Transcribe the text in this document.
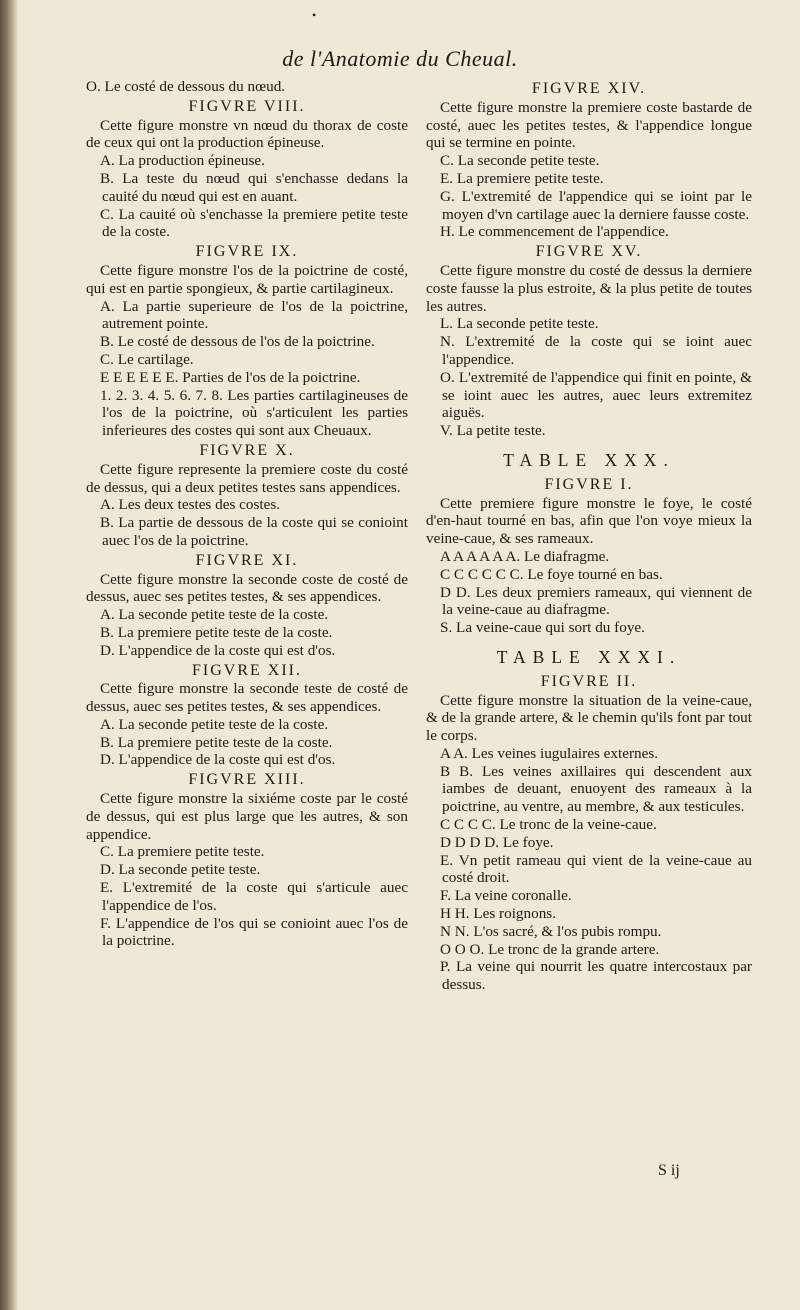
•
de l'Anatomie du Cheual.

O. Le costé de dessous du nœud.

FIGVRE VIII.

Cette figure monstre vn nœud du thorax de coste de ceux qui ont la production épineuse.

A. La production épineuse.

B. La teste du nœud qui s'enchasse dedans la cauité du nœud qui est en auant.

C. La cauité où s'enchasse la premiere petite teste de la coste.

FIGVRE IX.

Cette figure monstre l'os de la poictrine de costé, qui est en partie spongieux, & partie cartilagineux.

A. La partie superieure de l'os de la poictrine, autrement pointe.

B. Le costé de dessous de l'os de la poictrine.

C. Le cartilage.

E E E E E E. Parties de l'os de la poictrine.

1. 2. 3. 4. 5. 6. 7. 8. Les parties cartilagineuses de l'os de la poictrine, où s'articulent les parties inferieures des costes qui sont aux Cheuaux.

FIGVRE X.

Cette figure represente la premiere coste du costé de dessus, qui a deux petites testes sans appendices.

A. Les deux testes des costes.

B. La partie de dessous de la coste qui se conioint auec l'os de la poictrine.

FIGVRE XI.

Cette figure monstre la seconde coste de costé de dessus, auec ses petites testes, & ses appendices.

A. La seconde petite teste de la coste.

B. La premiere petite teste de la coste.

D. L'appendice de la coste qui est d'os.

FIGVRE XII.

Cette figure monstre la seconde teste de costé de dessus, auec ses petites testes, & ses appendices.

A. La seconde petite teste de la coste.

B. La premiere petite teste de la coste.

D. L'appendice de la coste qui est d'os.

FIGVRE XIII.

Cette figure monstre la sixiéme coste par le costé de dessus, qui est plus large que les autres, & son appendice.

C. La premiere petite teste.

D. La seconde petite teste.

E. L'extremité de la coste qui s'articule auec l'appendice de l'os.

F. L'appendice de l'os qui se conioint auec l'os de la poictrine.

FIGVRE XIV.

Cette figure monstre la premiere coste bastarde de costé, auec les petites testes, & l'appendice longue qui se termine en pointe.

C. La seconde petite teste.

E. La premiere petite teste.

G. L'extremité de l'appendice qui se ioint par le moyen d'vn cartilage auec la derniere fausse coste.

H. Le commencement de l'appendice.

FIGVRE XV.

Cette figure monstre du costé de dessus la derniere coste fausse la plus estroite, & la plus petite de toutes les autres.

L. La seconde petite teste.

N. L'extremité de la coste qui se ioint auec l'appendice.

O. L'extremité de l'appendice qui finit en pointe, & se ioint auec les autres, auec leurs extremitez aiguës.

V. La petite teste.

TABLE XXX.
FIGVRE I.

Cette premiere figure monstre le foye, le costé d'en-haut tourné en bas, afin que l'on voye mieux la veine-caue, & ses rameaux.

A A A A A A. Le diafragme.

C C C C C C. Le foye tourné en bas.

D D. Les deux premiers rameaux, qui viennent de la veine-caue au diafragme.

S. La veine-caue qui sort du foye.

TABLE XXXI.
FIGVRE II.

Cette figure monstre la situation de la veine-caue, & de la grande artere, & le chemin qu'ils font par tout le corps.

A A. Les veines iugulaires externes.

B B. Les veines axillaires qui descendent aux iambes de deuant, enuoyent des rameaux à la poictrine, au ventre, au membre, & aux testicules.

C C C C. Le tronc de la veine-caue.

D D D D. Le foye.

E. Vn petit rameau qui vient de la veine-caue au costé droit.

F. La veine coronalle.

H H. Les roignons.

N N. L'os sacré, & l'os pubis rompu.

O O O. Le tronc de la grande artere.

P. La veine qui nourrit les quatre intercostaux par dessus.

S ij
